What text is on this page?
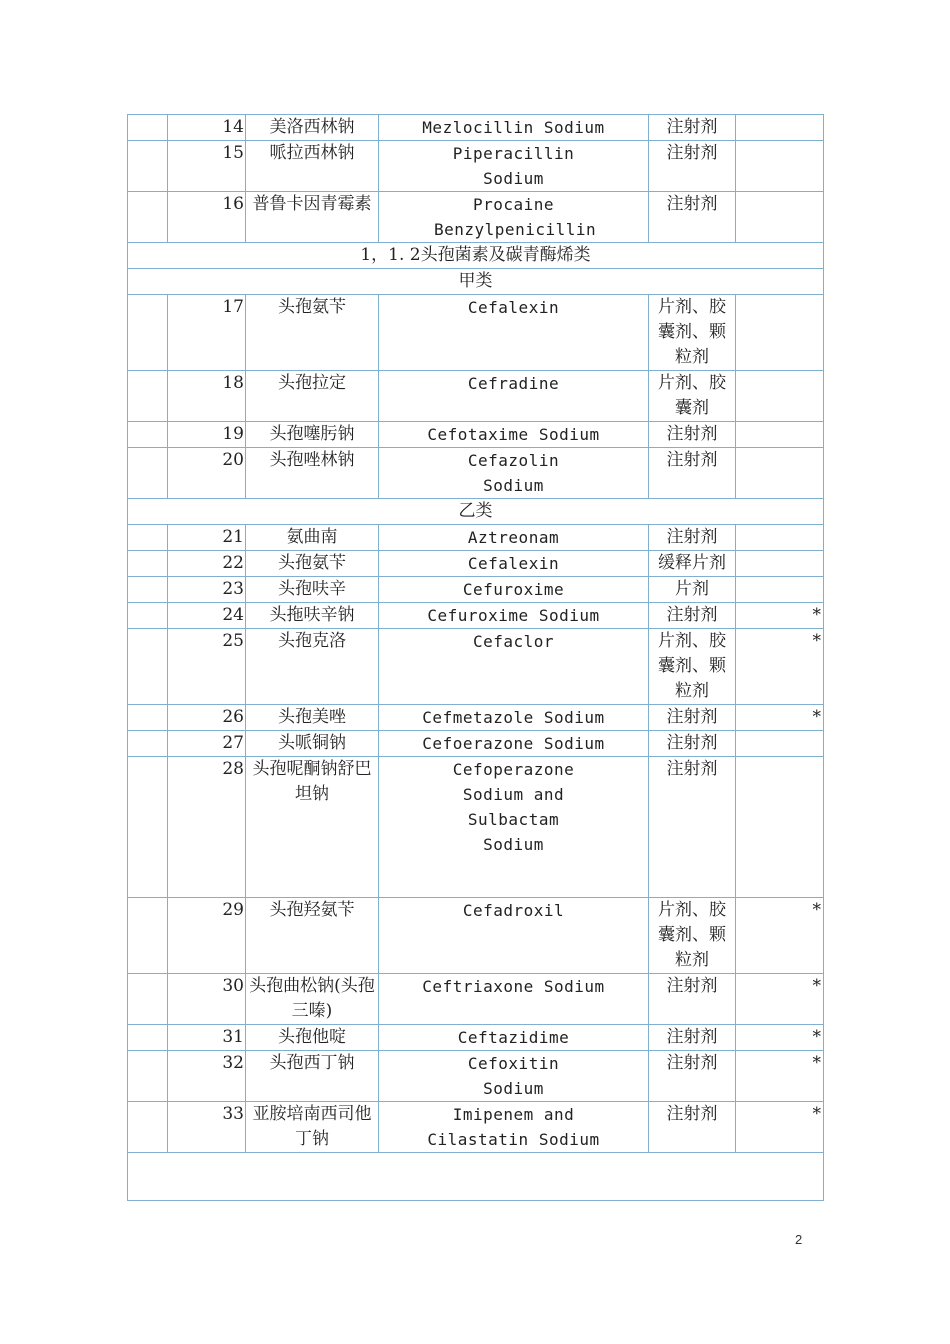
	14	美洛西林钠	Mezlocillin Sodium	注射剂	
	15	哌拉西林钠	Piperacillin Sodium	注射剂	
	16	普鲁卡因青霉素	Procaine Benzylpenicillin	注射剂	
1，1. 2头孢菌素及碳青酶烯类					
甲类					
	17	头孢氨苄	Cefalexin	片剂、胶囊剂、颗粒剂	
	18	头孢拉定	Cefradine	片剂、胶囊剂	
	19	头孢噻肟钠	Cefotaxime Sodium	注射剂	
	20	头孢唑林钠	Cefazolin Sodium	注射剂	
乙类					
	21	氨曲南	Aztreonam	注射剂	
	22	头孢氨苄	Cefalexin	缓释片剂	
	23	头孢呋辛	Cefuroxime	片剂	
	24	头拖呋辛钠	Cefuroxime Sodium	注射剂	*
	25	头孢克洛	Cefaclor	片剂、胶囊剂、颗粒剂	*
	26	头孢美唑	Cefmetazole Sodium	注射剂	*
	27	头哌铜钠	Cefoerazone Sodium	注射剂	
	28	头孢呢酮钠舒巴坦钠	Cefoperazone Sodium and Sulbactam Sodium	注射剂	
	29	头孢羟氨苄	Cefadroxil	片剂、胶囊剂、颗粒剂	*
	30	头孢曲松钠(头孢三嗪)	Ceftriaxone Sodium	注射剂	*
	31	头孢他啶	Ceftazidime	注射剂	*
	32	头孢西丁钠	Cefoxitin Sodium	注射剂	*
	33	亚胺培南西司他丁钠	Imipenem and Cilastatin Sodium	注射剂	*

2
